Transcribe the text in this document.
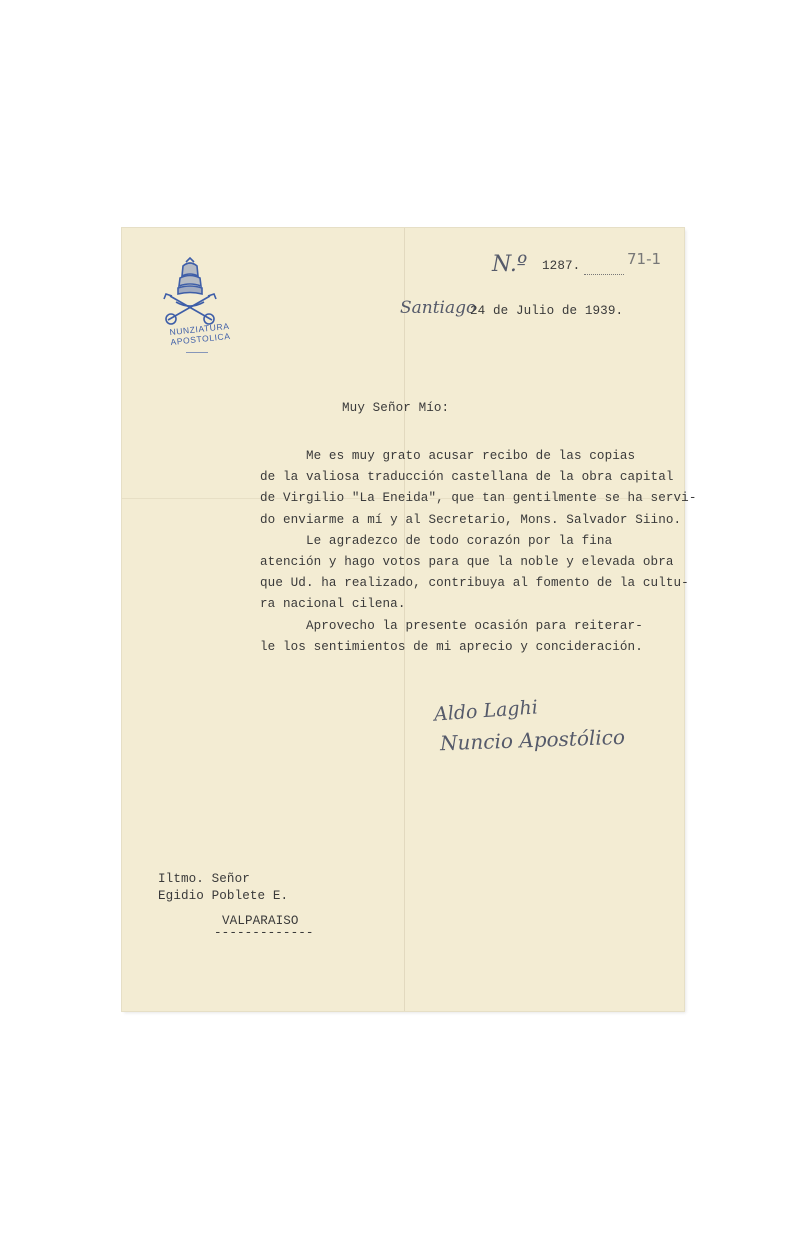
NUNZIATURA APOSTOLICA
N.º 1287.	71-1
Santiago
24 de Julio de 1939.
Muy Señor Mío:
Me es muy grato acusar recibo de las copias
de la valiosa traducción castellana de la obra capital
de Virgilio "La Eneida", que tan gentilmente se ha servi-
do enviarme a mí y al Secretario, Mons. Salvador Siino.
Le agradezco de todo corazón por la fina
atención y hago votos para que la noble y elevada obra
que Ud. ha realizado, contribuya al fomento de la cultu-
ra nacional cilena.
Aprovecho la presente ocasión para reiterar-
le los sentimientos de mi aprecio y concideración.
Aldo Laghi
Nuncio Apostólico
Iltmo. Señor
Egidio Poblete E.
VALPARAISO
-------------
